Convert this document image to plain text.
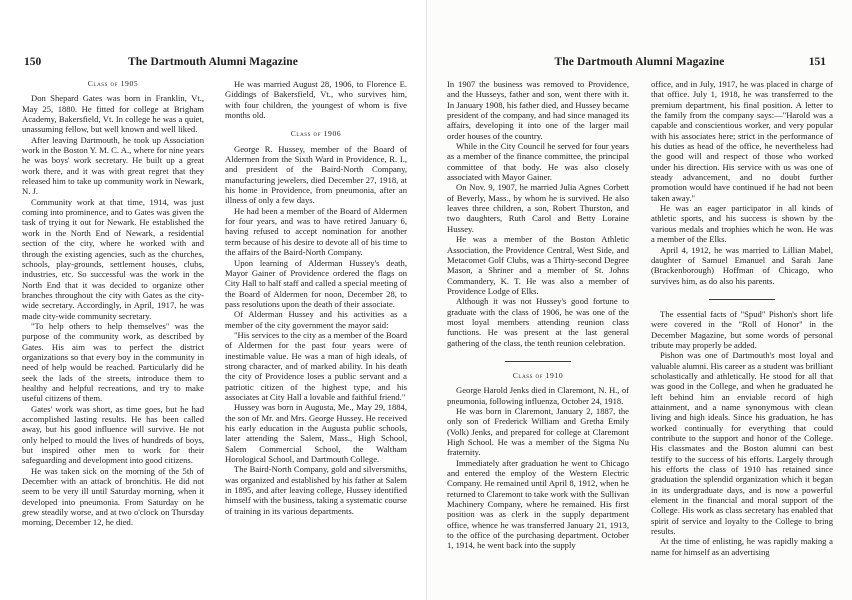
150	The Dartmouth Alumni Magazine
Class of 1905

Don Shepard Gates was born in Franklin, Vt., May 25, 1880. He fitted for college at Brigham Academy, Bakersfield, Vt. In college he was a quiet, unassuming fellow, but well known and well liked.

After leaving Dartmouth, he took up Association work in the Boston Y. M. C. A., where for nine years he was boys' work secretary. He built up a great work there, and it was with great regret that they released him to take up community work in Newark, N. J.

Community work at that time, 1914, was just coming into prominence, and to Gates was given the task of trying it out for Newark. He established the work in the North End of Newark, a residential section of the city, where he worked with and through the existing agencies, such as the churches, schools, play-grounds, settlement houses, clubs, industries, etc. So successful was the work in the North End that it was decided to organize other branches throughout the city with Gates as the city-wide secretary. Accordingly, in April, 1917, he was made city-wide community secretary.

"To help others to help themselves" was the purpose of the community work, as described by Gates. His aim was to perfect the district organizations so that every boy in the community in need of help would be reached. Particularly did he seek the lads of the streets, introduce them to healthy and helpful recreations, and try to make useful citizens of them.

Gates' work was short, as time goes, but he had accomplished lasting results. He has been called away, but his good influence will survive. He not only helped to mould the lives of hundreds of boys, but inspired other men to work for their safeguarding and development into good citizens.

He was taken sick on the morning of the 5th of December with an attack of bronchitis. He did not seem to be very ill until Saturday morning, when it developed into pneumonia. From Saturday on he grew steadily worse, and at two o'clock on Thursday morning, December 12, he died.

He was married August 28, 1906, to Florence E. Giddings of Bakersfield, Vt., who survives him, with four children, the youngest of whom is five months old.

Class of 1906

George R. Hussey, member of the Board of Aldermen from the Sixth Ward in Providence, R. I., and president of the Baird-North Company, manufacturing jewelers, died December 27, 1918, at his home in Providence, from pneumonia, after an illness of only a few days.

He had been a member of the Board of Aldermen for four years, and was to have retired January 6, having refused to accept nomination for another term because of his desire to devote all of his time to the affairs of the Baird-North Company.

Upon learning of Alderman Hussey's death, Mayor Gainer of Providence ordered the flags on City Hall to half staff and called a special meeting of the Board of Aldermen for noon, December 28, to pass resolutions upon the death of their associate.

Of Alderman Hussey and his activities as a member of the city government the mayor said:

"His services to the city as a member of the Board of Aldermen for the past four years were of inestimable value. He was a man of high ideals, of strong character, and of marked ability. In his death the city of Providence loses a public servant and a patriotic citizen of the highest type, and his associates at City Hall a lovable and faithful friend."

Hussey was born in Augusta, Me., May 29, 1884, the son of Mr. and Mrs. George Hussey. He received his early education in the Augusta public schools, later attending the Salem, Mass., High School, Salem Commercial School, the Waltham Horological School, and Dartmouth College.

The Baird-North Company, gold and silversmiths, was organized and established by his father at Salem in 1895, and after leaving college, Hussey identified himself with the business, taking a systematic course of training in its various departments.

The Dartmouth Alumni Magazine	151

In 1907 the business was removed to Providence, and the Husseys, father and son, went there with it. In January 1908, his father died, and Hussey became president of the company, and had since managed its affairs, developing it into one of the larger mail order houses of the country.

While in the City Council he served for four years as a member of the finance committee, the principal committee of that body. He was also closely associated with Mayor Gainer.

On Nov. 9, 1907, he married Julia Agnes Corbett of Beverly, Mass., by whom he is survived. He also leaves three children, a son, Robert Thurston, and two daughters, Ruth Carol and Betty Loraine Hussey.

He was a member of the Boston Athletic Association, the Providence Central, West Side, and Metacomet Golf Clubs, was a Thirty-second Degree Mason, a Shriner and a member of St. Johns Commandery, K. T. He was also a member of Providence Lodge of Elks.

Although it was not Hussey's good fortune to graduate with the class of 1906, he was one of the most loyal members attending reunion class functions. He was present at the last general gathering of the class, the tenth reunion celebration.

Class of 1910

George Harold Jenks died in Claremont, N. H., of pneumonia, following influenza, October 24, 1918.

He was born in Claremont, January 2, 1887, the only son of Frederick William and Gretha Emily (Volk) Jenks, and prepared for college at Claremont High School. He was a member of the Sigma Nu fraternity.

Immediately after graduation he went to Chicago and entered the employ of the Western Electric Company. He remained until April 8, 1912, when he returned to Claremont to take work with the Sullivan Machinery Company, where he remained. His first position was as clerk in the supply department office, whence he was transferred January 21, 1913, to the office of the purchasing department. October 1, 1914, he went back into the supply

office, and in July, 1917, he was placed in charge of that office. July 1, 1918, he was transferred to the premium department, his final position. A letter to the family from the company says:—"Harold was a capable and conscientious worker, and very popular with his associates here; strict in the performance of his duties as head of the office, he nevertheless had the good will and respect of those who worked under his direction. His service with us was one of steady advancement, and no doubt further promotion would have continued if he had not been taken away."

He was an eager participator in all kinds of athletic sports, and his success is shown by the various medals and trophies which he won. He was a member of the Elks.

April 4, 1912, he was married to Lillian Mabel, daughter of Samuel Emanuel and Sarah Jane (Brackenborough) Hoffman of Chicago, who survives him, as do also his parents.

The essential facts of "Spud" Pishon's short life were covered in the "Roll of Honor" in the December Magazine, but some words of personal tribute may properly be added.

Pishon was one of Dartmouth's most loyal and valuable alumni. His career as a student was brilliant scholastically and athletically. He stood for all that was good in the College, and when he graduated he left behind him an enviable record of high attainment, and a name synonymous with clean living and high ideals. Since his graduation, he has worked continually for everything that could contribute to the support and honor of the College. His classmates and the Boston alumni can best testify to the success of his efforts. Largely through his efforts the class of 1910 has retained since graduation the splendid organization which it began in its undergraduate days, and is now a powerful element in the financial and moral support of the College. His work as class secretary has enabled that spirit of service and loyalty to the College to bring results.

At the time of enlisting, he was rapidly making a name for himself as an advertising
